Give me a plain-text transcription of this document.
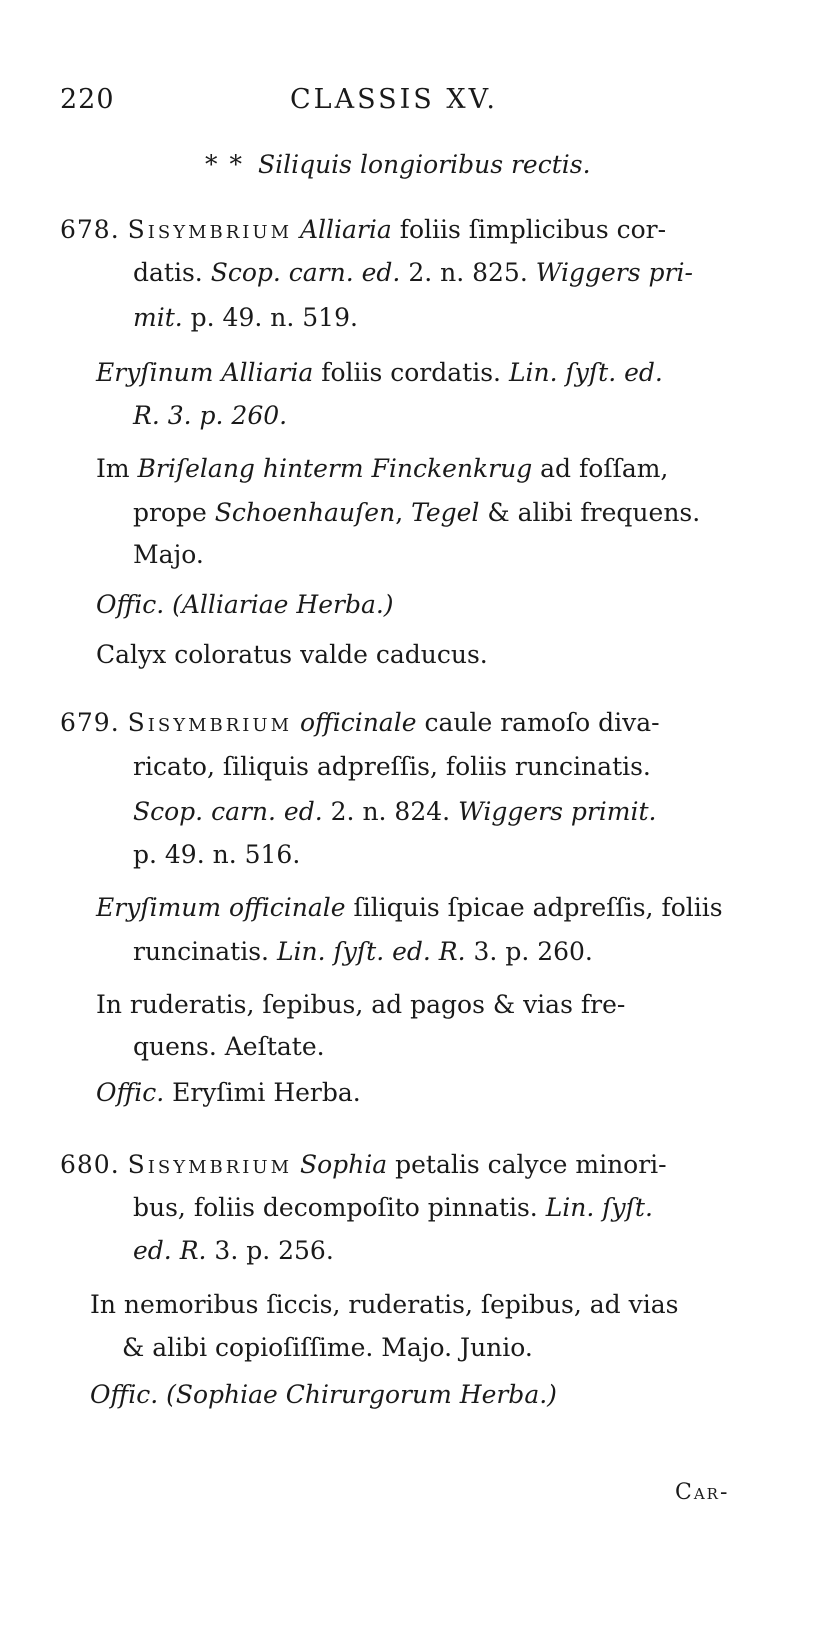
220	CLASSIS XV.
* * Siliquis longioribus rectis.
678. Sisymbrium Alliaria foliis ſimplicibus cor-
datis. Scop. carn. ed. 2. n. 825. Wiggers pri-
mit. p. 49. n. 519.
Eryſinum Alliaria foliis cordatis. Lin. ſyſt. ed.
R. 3. p. 260.
Im Briſelang hinterm Finckenkrug ad foſſam,
prope Schoenhauſen, Tegel & alibi frequens.
Majo.
Offic. (Alliariae Herba.)
Calyx coloratus valde caducus.
679. Sisymbrium officinale caule ramoſo diva-
ricato, ſiliquis adpreſſis, foliis runcinatis.
Scop. carn. ed. 2. n. 824. Wiggers primit.
p. 49. n. 516.
Eryſimum officinale ſiliquis ſpicae adpreſſis, foliis
runcinatis. Lin. ſyſt. ed. R. 3. p. 260.
In ruderatis, ſepibus, ad pagos & vias fre-
quens. Aeſtate.
Offic. Eryſimi Herba.
680. Sisymbrium Sophia petalis calyce minori-
bus, foliis decompoſito pinnatis. Lin. ſyſt.
ed. R. 3. p. 256.
In nemoribus ſiccis, ruderatis, ſepibus, ad vias
& alibi copioſiſſime. Majo. Junio.
Offic. (Sophiae Chirurgorum Herba.)
Car-
